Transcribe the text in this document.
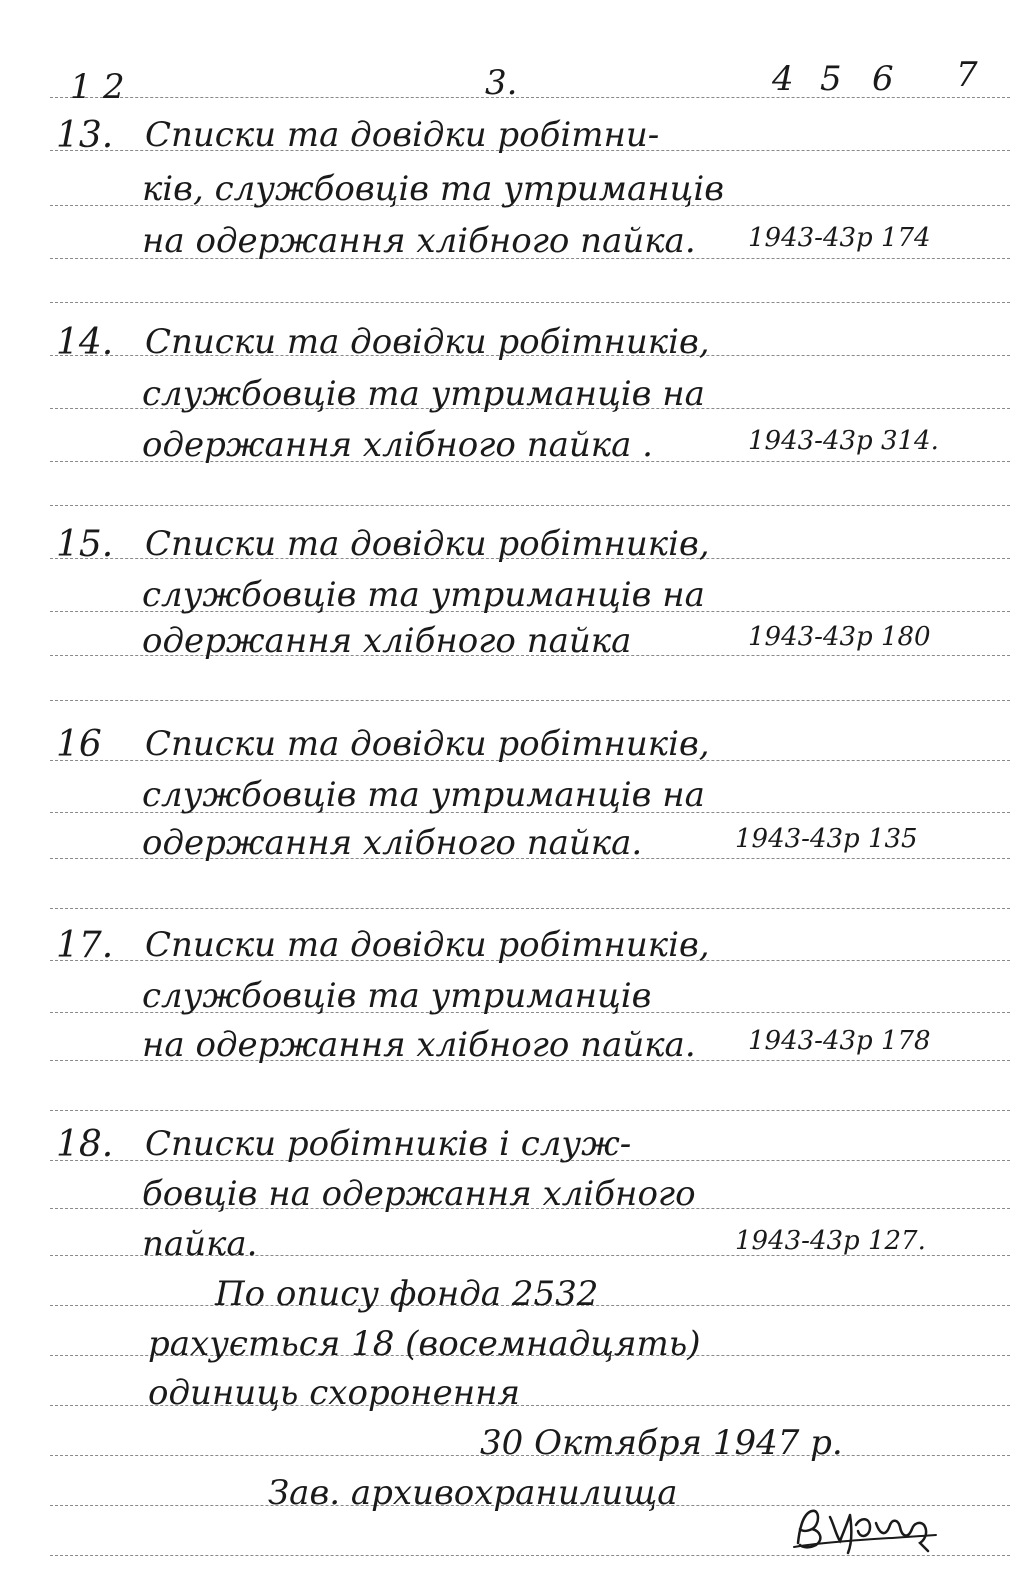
1 2	3.	4 5 6 7
13. Списки та довідки робітни-
ків, службовців та утриманців
на одержання хлібного пайка. 1943-43р 174
14. Списки та довідки робітників,
службовців та утриманців на
одержання хлібного пайка .	1943-43р 314.
15. Списки та довідки робітників,
службовців та утриманців на
одержання хлібного пайка	1943-43р 180
16 Списки та довідки робітників,
службовців та утриманців на
одержання хлібного пайка.	1943-43р 135
17. Списки та довідки робітників,
службовців та утриманців
на одержання хлібного пайка. 1943-43р 178
18. Списки робітників і служ-
бовців на одержання хлібного
пайка.	1943-43р 127.
По опису фонда 2532
рахується 18 (восемнадцять)
одиниць схоронення
30 Октября 1947 р.
Зав. архивохранилища
